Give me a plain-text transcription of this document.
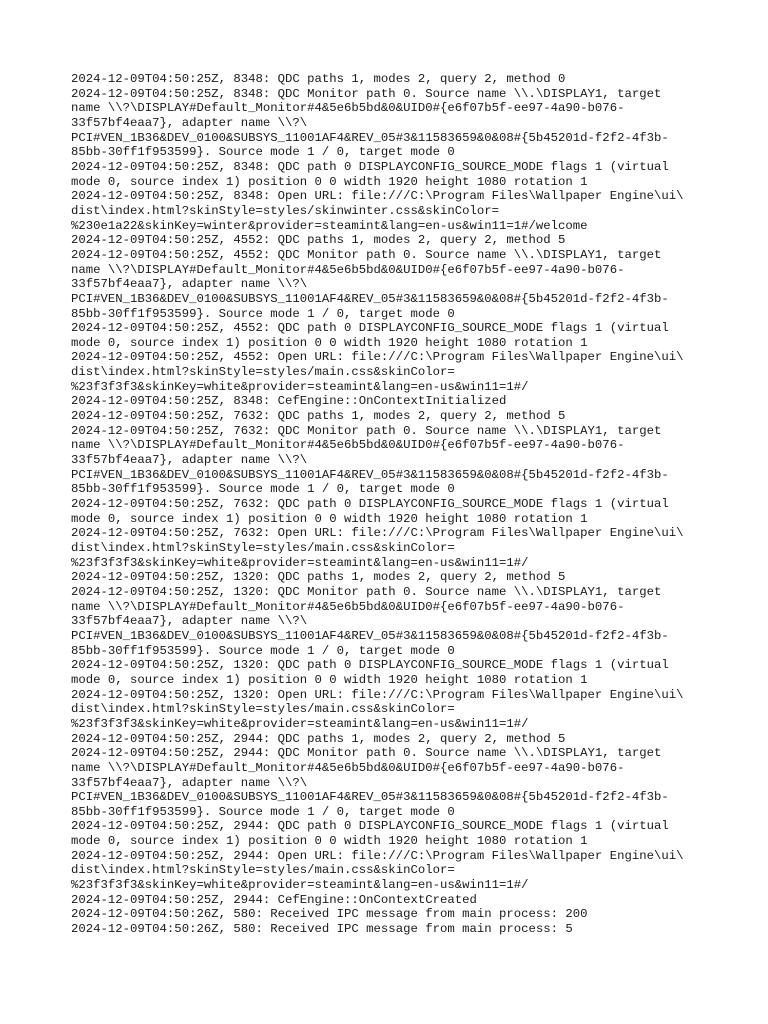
2024-12-09T04:50:25Z, 8348: QDC paths 1, modes 2, query 2, method 0

2024-12-09T04:50:25Z, 8348: QDC Monitor path 0. Source name \\.\DISPLAY1, target

name \\?\DISPLAY#Default_Monitor#4&5e6b5bd&0&UID0#{e6f07b5f-ee97-4a90-b076-

33f57bf4eaa7}, adapter name \\?\

PCI#VEN_1B36&DEV_0100&SUBSYS_11001AF4&REV_05#3&11583659&0&08#{5b45201d-f2f2-4f3b-

85bb-30ff1f953599}. Source mode 1 / 0, target mode 0

2024-12-09T04:50:25Z, 8348: QDC path 0 DISPLAYCONFIG_SOURCE_MODE flags 1 (virtual

mode 0, source index 1) position 0 0 width 1920 height 1080 rotation 1

2024-12-09T04:50:25Z, 8348: Open URL: file:///C:\Program Files\Wallpaper Engine\ui\

dist\index.html?skinStyle=styles/skinwinter.css&skinColor=

%230e1a22&skinKey=winter&provider=steamint&lang=en-us&win11=1#/welcome

2024-12-09T04:50:25Z, 4552: QDC paths 1, modes 2, query 2, method 5

2024-12-09T04:50:25Z, 4552: QDC Monitor path 0. Source name \\.\DISPLAY1, target

name \\?\DISPLAY#Default_Monitor#4&5e6b5bd&0&UID0#{e6f07b5f-ee97-4a90-b076-

33f57bf4eaa7}, adapter name \\?\

PCI#VEN_1B36&DEV_0100&SUBSYS_11001AF4&REV_05#3&11583659&0&08#{5b45201d-f2f2-4f3b-

85bb-30ff1f953599}. Source mode 1 / 0, target mode 0

2024-12-09T04:50:25Z, 4552: QDC path 0 DISPLAYCONFIG_SOURCE_MODE flags 1 (virtual

mode 0, source index 1) position 0 0 width 1920 height 1080 rotation 1

2024-12-09T04:50:25Z, 4552: Open URL: file:///C:\Program Files\Wallpaper Engine\ui\

dist\index.html?skinStyle=styles/main.css&skinColor=

%23f3f3f3&skinKey=white&provider=steamint&lang=en-us&win11=1#/

2024-12-09T04:50:25Z, 8348: CefEngine::OnContextInitialized

2024-12-09T04:50:25Z, 7632: QDC paths 1, modes 2, query 2, method 5

2024-12-09T04:50:25Z, 7632: QDC Monitor path 0. Source name \\.\DISPLAY1, target

name \\?\DISPLAY#Default_Monitor#4&5e6b5bd&0&UID0#{e6f07b5f-ee97-4a90-b076-

33f57bf4eaa7}, adapter name \\?\

PCI#VEN_1B36&DEV_0100&SUBSYS_11001AF4&REV_05#3&11583659&0&08#{5b45201d-f2f2-4f3b-

85bb-30ff1f953599}. Source mode 1 / 0, target mode 0

2024-12-09T04:50:25Z, 7632: QDC path 0 DISPLAYCONFIG_SOURCE_MODE flags 1 (virtual

mode 0, source index 1) position 0 0 width 1920 height 1080 rotation 1

2024-12-09T04:50:25Z, 7632: Open URL: file:///C:\Program Files\Wallpaper Engine\ui\

dist\index.html?skinStyle=styles/main.css&skinColor=

%23f3f3f3&skinKey=white&provider=steamint&lang=en-us&win11=1#/

2024-12-09T04:50:25Z, 1320: QDC paths 1, modes 2, query 2, method 5

2024-12-09T04:50:25Z, 1320: QDC Monitor path 0. Source name \\.\DISPLAY1, target

name \\?\DISPLAY#Default_Monitor#4&5e6b5bd&0&UID0#{e6f07b5f-ee97-4a90-b076-

33f57bf4eaa7}, adapter name \\?\

PCI#VEN_1B36&DEV_0100&SUBSYS_11001AF4&REV_05#3&11583659&0&08#{5b45201d-f2f2-4f3b-

85bb-30ff1f953599}. Source mode 1 / 0, target mode 0

2024-12-09T04:50:25Z, 1320: QDC path 0 DISPLAYCONFIG_SOURCE_MODE flags 1 (virtual

mode 0, source index 1) position 0 0 width 1920 height 1080 rotation 1

2024-12-09T04:50:25Z, 1320: Open URL: file:///C:\Program Files\Wallpaper Engine\ui\

dist\index.html?skinStyle=styles/main.css&skinColor=

%23f3f3f3&skinKey=white&provider=steamint&lang=en-us&win11=1#/

2024-12-09T04:50:25Z, 2944: QDC paths 1, modes 2, query 2, method 5

2024-12-09T04:50:25Z, 2944: QDC Monitor path 0. Source name \\.\DISPLAY1, target

name \\?\DISPLAY#Default_Monitor#4&5e6b5bd&0&UID0#{e6f07b5f-ee97-4a90-b076-

33f57bf4eaa7}, adapter name \\?\

PCI#VEN_1B36&DEV_0100&SUBSYS_11001AF4&REV_05#3&11583659&0&08#{5b45201d-f2f2-4f3b-

85bb-30ff1f953599}. Source mode 1 / 0, target mode 0

2024-12-09T04:50:25Z, 2944: QDC path 0 DISPLAYCONFIG_SOURCE_MODE flags 1 (virtual

mode 0, source index 1) position 0 0 width 1920 height 1080 rotation 1

2024-12-09T04:50:25Z, 2944: Open URL: file:///C:\Program Files\Wallpaper Engine\ui\

dist\index.html?skinStyle=styles/main.css&skinColor=

%23f3f3f3&skinKey=white&provider=steamint&lang=en-us&win11=1#/

2024-12-09T04:50:25Z, 2944: CefEngine::OnContextCreated

2024-12-09T04:50:26Z, 580: Received IPC message from main process: 200

2024-12-09T04:50:26Z, 580: Received IPC message from main process: 5
